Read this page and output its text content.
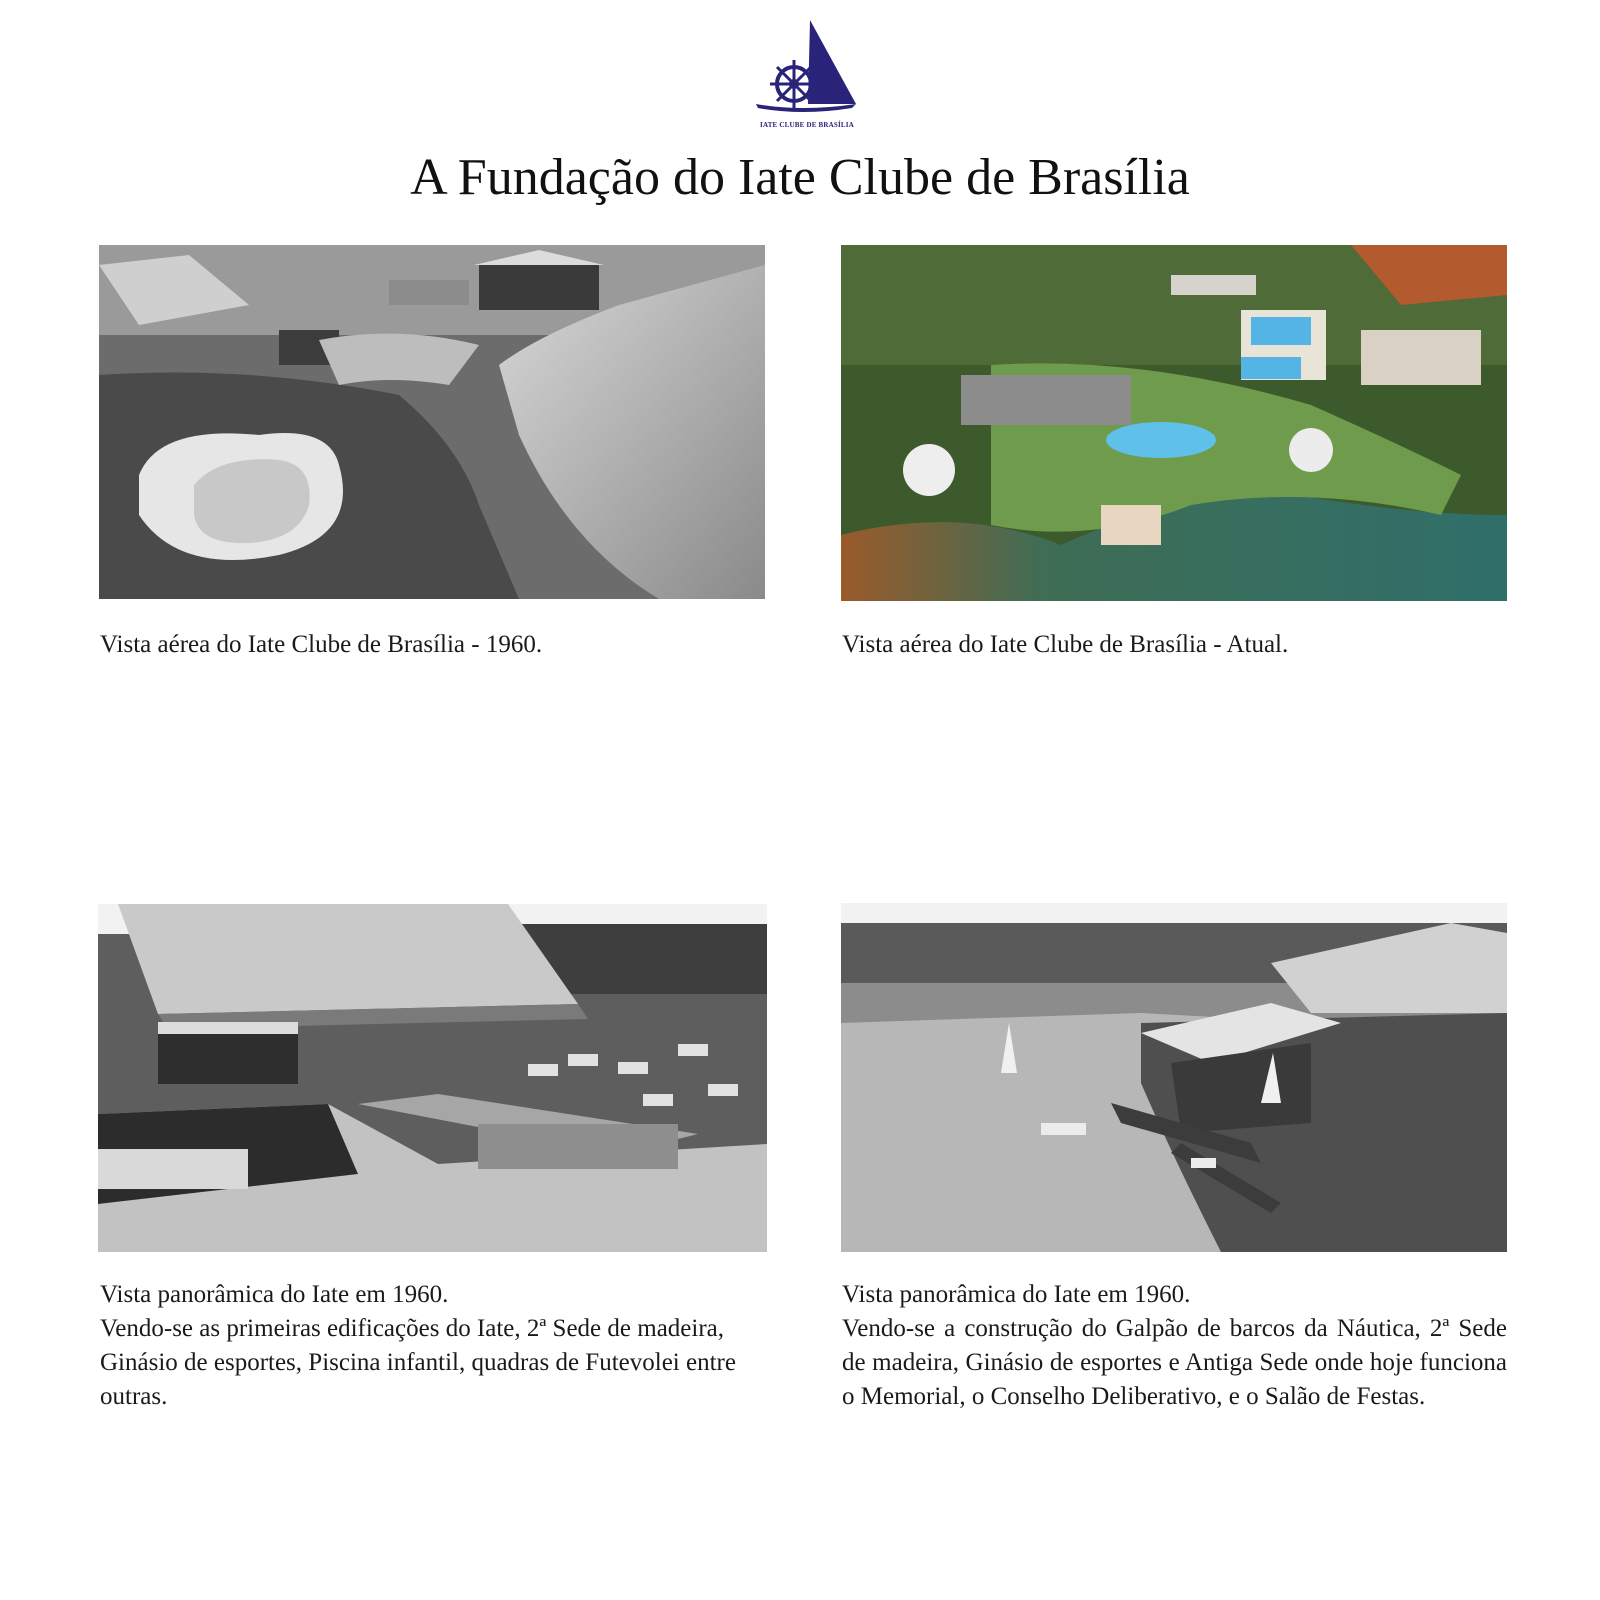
IATE CLUBE DE BRASÍLIA
A Fundação do Iate Clube de Brasília

Vista aérea do Iate Clube de Brasília - 1960.	Vista aérea do Iate Clube de Brasília - Atual.

Vista panorâmica do Iate em 1960.

Vendo-se as primeiras edificações do Iate, 2ª Sede de madeira, Ginásio de esportes, Piscina infantil, quadras de Futevolei entre outras.

Vista panorâmica do Iate em 1960.

Vendo-se a construção do Galpão de barcos da Náutica, 2ª Sede de madeira, Ginásio de esportes e Antiga Sede onde hoje funciona o Memorial, o Conselho Deliberativo, e o Salão de Festas.
